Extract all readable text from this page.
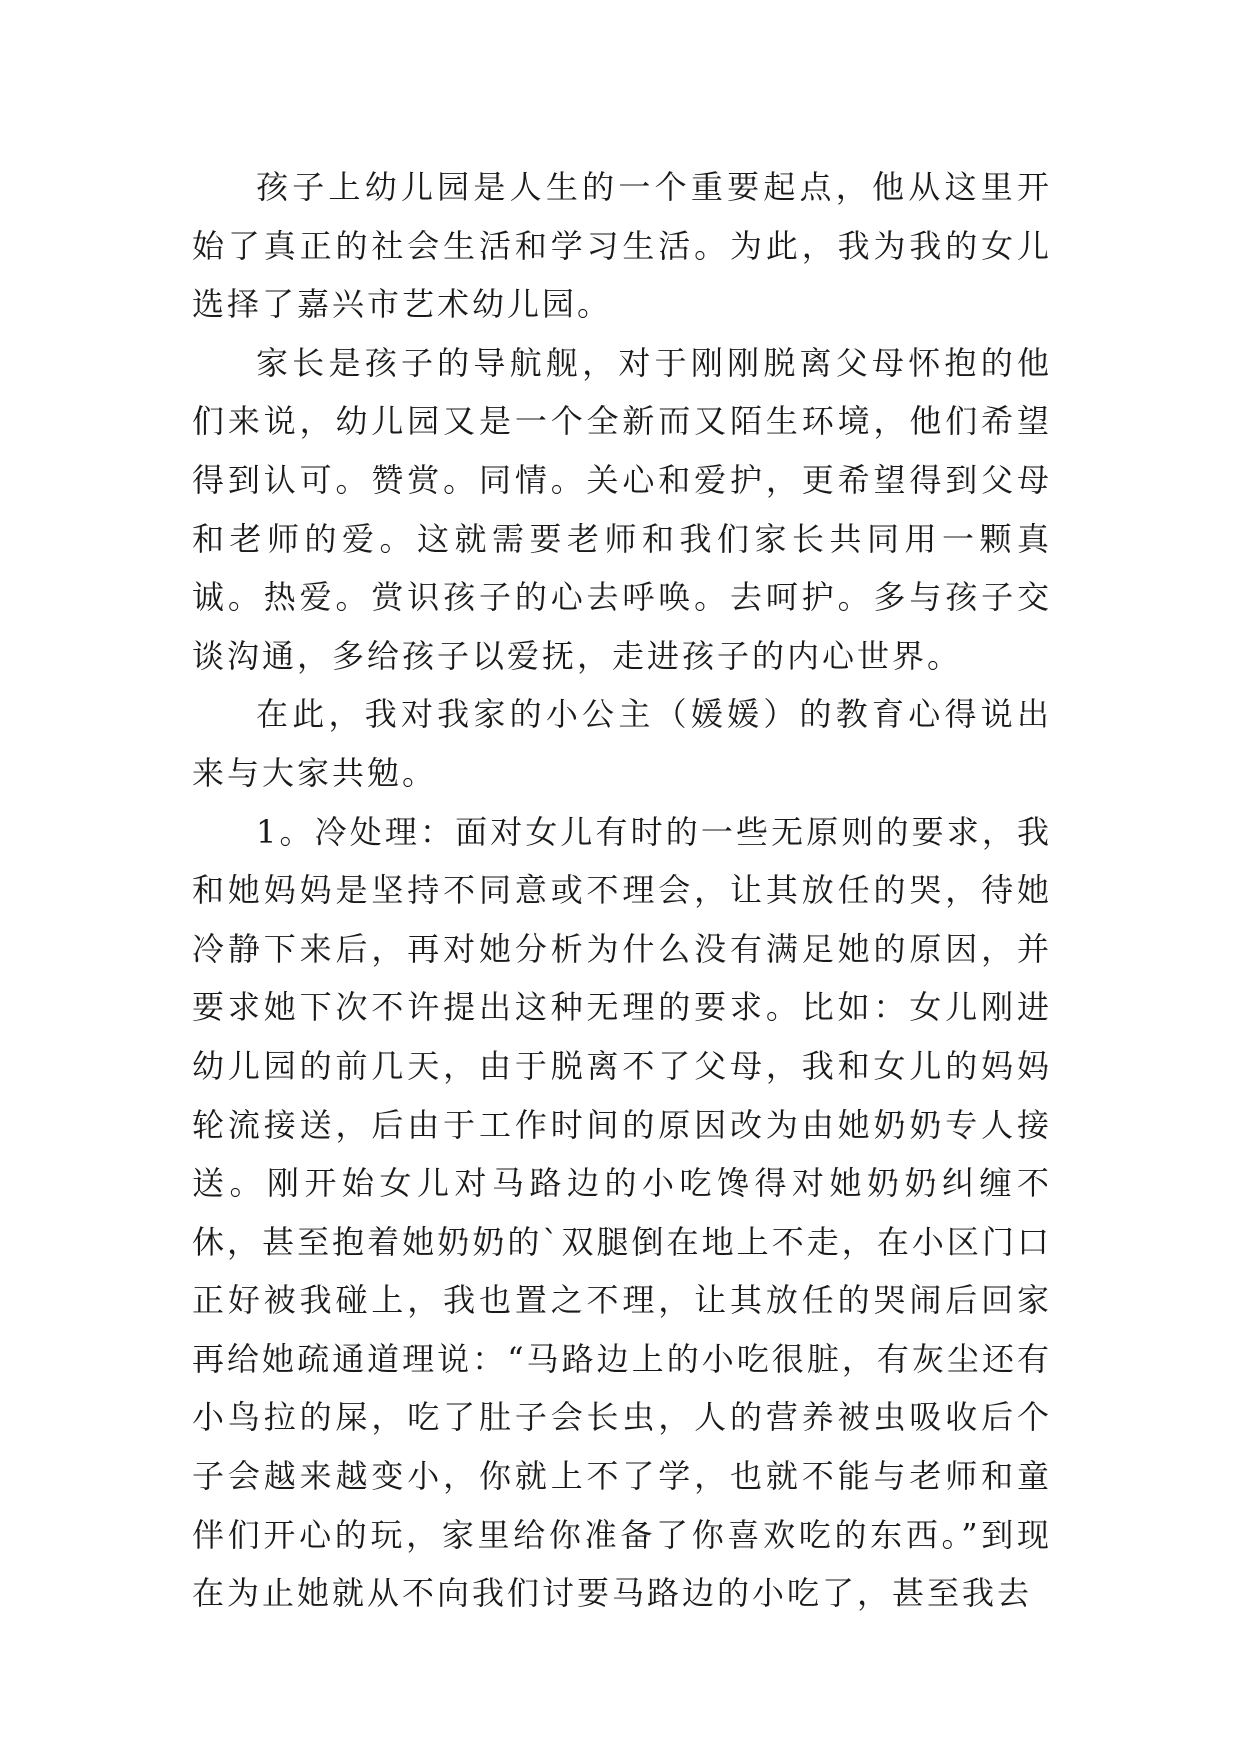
孩子上幼儿园是人生的一个重要起点，他从这里开始了真正的社会生活和学习生活。为此，我为我的女儿选择了嘉兴市艺术幼儿园。

家长是孩子的导航舰，对于刚刚脱离父母怀抱的他们来说，幼儿园又是一个全新而又陌生环境，他们希望得到认可。赞赏。同情。关心和爱护，更希望得到父母和老师的爱。这就需要老师和我们家长共同用一颗真诚。热爱。赏识孩子的心去呼唤。去呵护。多与孩子交谈沟通，多给孩子以爱抚，走进孩子的内心世界。

在此，我对我家的小公主（媛媛）的教育心得说出来与大家共勉。

1。冷处理：面对女儿有时的一些无原则的要求，我和她妈妈是坚持不同意或不理会，让其放任的哭，待她冷静下来后，再对她分析为什么没有满足她的原因，并要求她下次不许提出这种无理的要求。比如：女儿刚进幼儿园的前几天，由于脱离不了父母，我和女儿的妈妈轮流接送，后由于工作时间的原因改为由她奶奶专人接送。刚开始女儿对马路边的小吃馋得对她奶奶纠缠不休，甚至抱着她奶奶的`双腿倒在地上不走，在小区门口正好被我碰上，我也置之不理，让其放任的哭闹后回家再给她疏通道理说：“马路边上的小吃很脏，有灰尘还有小鸟拉的屎，吃了肚子会长虫，人的营养被虫吸收后个子会越来越变小，你就上不了学，也就不能与老师和童伴们开心的玩，家里给你准备了你喜欢吃的东西。”到现在为止她就从不向我们讨要马路边的小吃了，甚至我去
